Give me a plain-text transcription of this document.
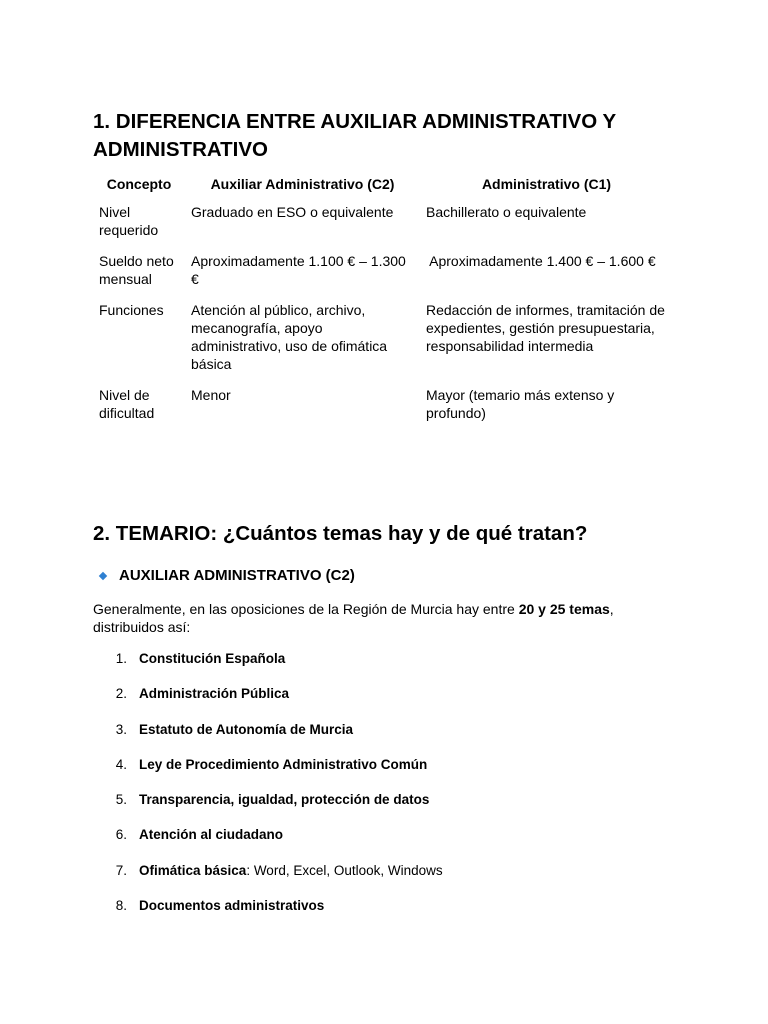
1. DIFERENCIA ENTRE AUXILIAR ADMINISTRATIVO Y ADMINISTRATIVO
Concepto	Auxiliar Administrativo (C2)	Administrativo (C1)
Nivel requerido	Graduado en ESO o equivalente	Bachillerato o equivalente
Sueldo neto mensual	Aproximadamente 1.100 € – 1.300 €	Aproximadamente 1.400 € – 1.600 €
Funciones	Atención al público, archivo, mecanografía, apoyo administrativo, uso de ofimática básica	Redacción de informes, tramitación de expedientes, gestión presupuestaria, responsabilidad intermedia
Nivel de dificultad	Menor	Mayor (temario más extenso y profundo)
2. TEMARIO: ¿Cuántos temas hay y de qué tratan?
AUXILIAR ADMINISTRATIVO (C2)

Generalmente, en las oposiciones de la Región de Murcia hay entre 20 y 25 temas, distribuidos así:

1. Constitución Española
2. Administración Pública
3. Estatuto de Autonomía de Murcia
4. Ley de Procedimiento Administrativo Común
5. Transparencia, igualdad, protección de datos
6. Atención al ciudadano
7. Ofimática básica: Word, Excel, Outlook, Windows
8. Documentos administrativos
